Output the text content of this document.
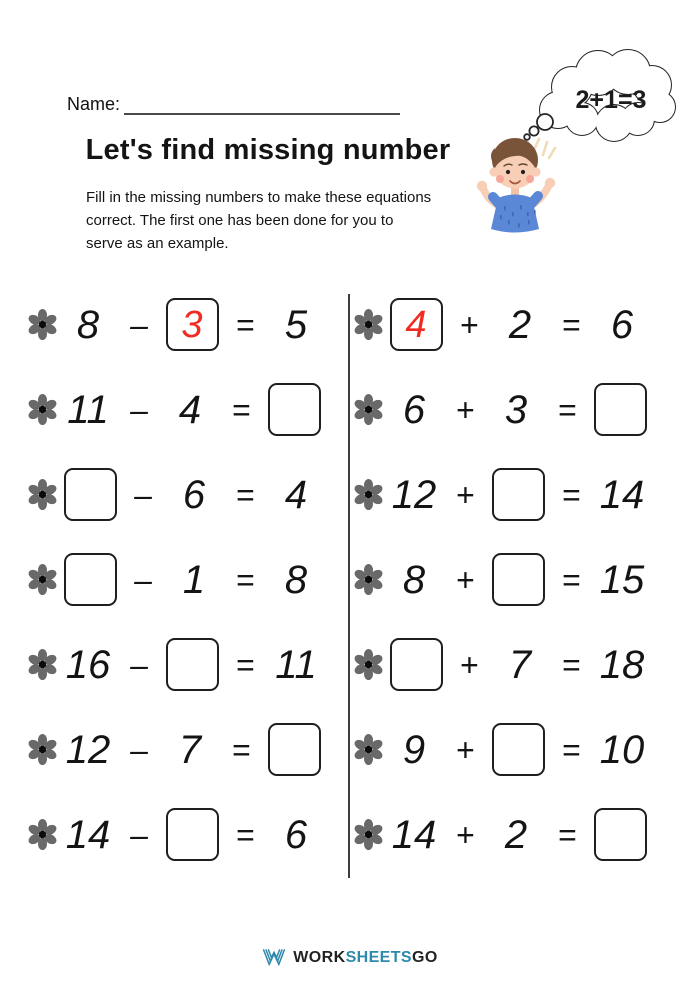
Name:
Let's find missing number
Fill in the missing numbers to make these equations
correct. The first one has been done for you to
serve as an example.
2+1=3
8 – 3	= 5
11 – 4 =
– 6 = 4
– 1 = 8
16 –	= 11
12 – 7 =
14 –	= 6
4	+ 2 = 6
6 + 3 =
12 +	= 14
8 +	= 15
+ 7 = 18
9 +	= 10
14 + 2 =
WORKSHEETSGO
